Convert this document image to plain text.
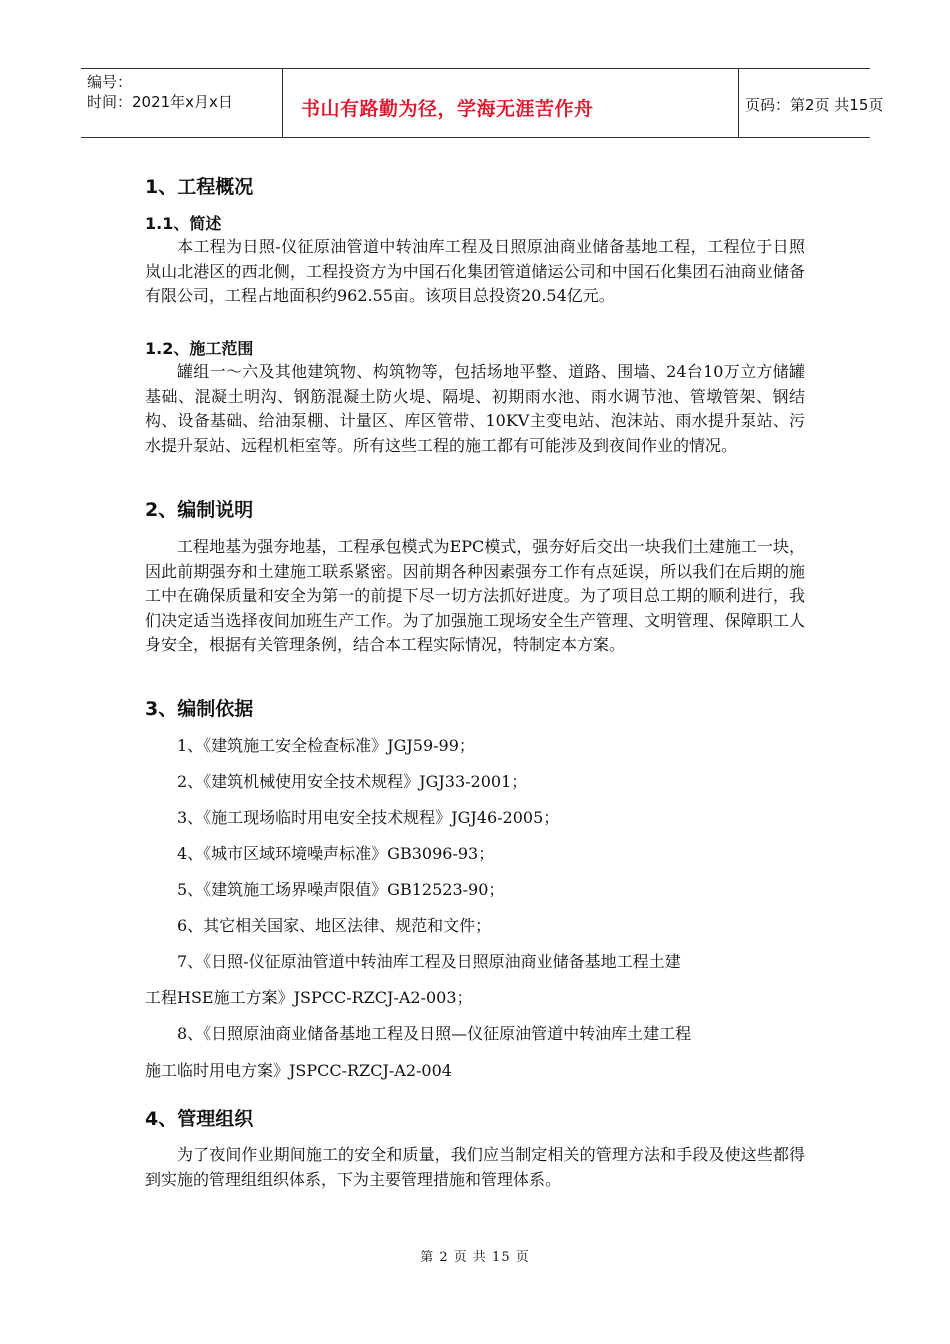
编号：
时间：2021年x月x日	书山有路勤为径，学海无涯苦作舟	页码：第2页 共15页
1、工程概况
1.1、简述
本工程为日照-仪征原油管道中转油库工程及日照原油商业储备基地工程，工程位于日照岚山北港区的西北侧，工程投资方为中国石化集团管道储运公司和中国石化集团石油商业储备有限公司，工程占地面积约962.55亩。该项目总投资20.54亿元。
1.2、施工范围
罐组一～六及其他建筑物、构筑物等，包括场地平整、道路、围墙、24台10万立方储罐基础、混凝土明沟、钢筋混凝土防火堤、隔堤、初期雨水池、雨水调节池、管墩管架、钢结构、设备基础、给油泵棚、计量区、库区管带、10KV主变电站、泡沫站、雨水提升泵站、污水提升泵站、远程机柜室等。所有这些工程的施工都有可能涉及到夜间作业的情况。
2、编制说明
工程地基为强夯地基，工程承包模式为EPC模式，强夯好后交出一块我们土建施工一块，因此前期强夯和土建施工联系紧密。因前期各种因素强夯工作有点延误，所以我们在后期的施工中在确保质量和安全为第一的前提下尽一切方法抓好进度。为了项目总工期的顺利进行，我们决定适当选择夜间加班生产工作。为了加强施工现场安全生产管理、文明管理、保障职工人身安全，根据有关管理条例，结合本工程实际情况，特制定本方案。
3、编制依据
1、《建筑施工安全检查标准》JGJ59-99；
2、《建筑机械使用安全技术规程》JGJ33-2001；
3、《施工现场临时用电安全技术规程》JGJ46-2005；
4、《城市区域环境噪声标准》GB3096-93；
5、《建筑施工场界噪声限值》GB12523-90；
6、其它相关国家、地区法律、规范和文件；
7、《日照-仪征原油管道中转油库工程及日照原油商业储备基地工程土建
工程HSE施工方案》JSPCC-RZCJ-A2-003；
8、《日照原油商业储备基地工程及日照—仪征原油管道中转油库土建工程
施工临时用电方案》JSPCC-RZCJ-A2-004
4、管理组织
为了夜间作业期间施工的安全和质量，我们应当制定相关的管理方法和手段及使这些都得到实施的管理组组织体系，下为主要管理措施和管理体系。
第 2 页 共 15 页
